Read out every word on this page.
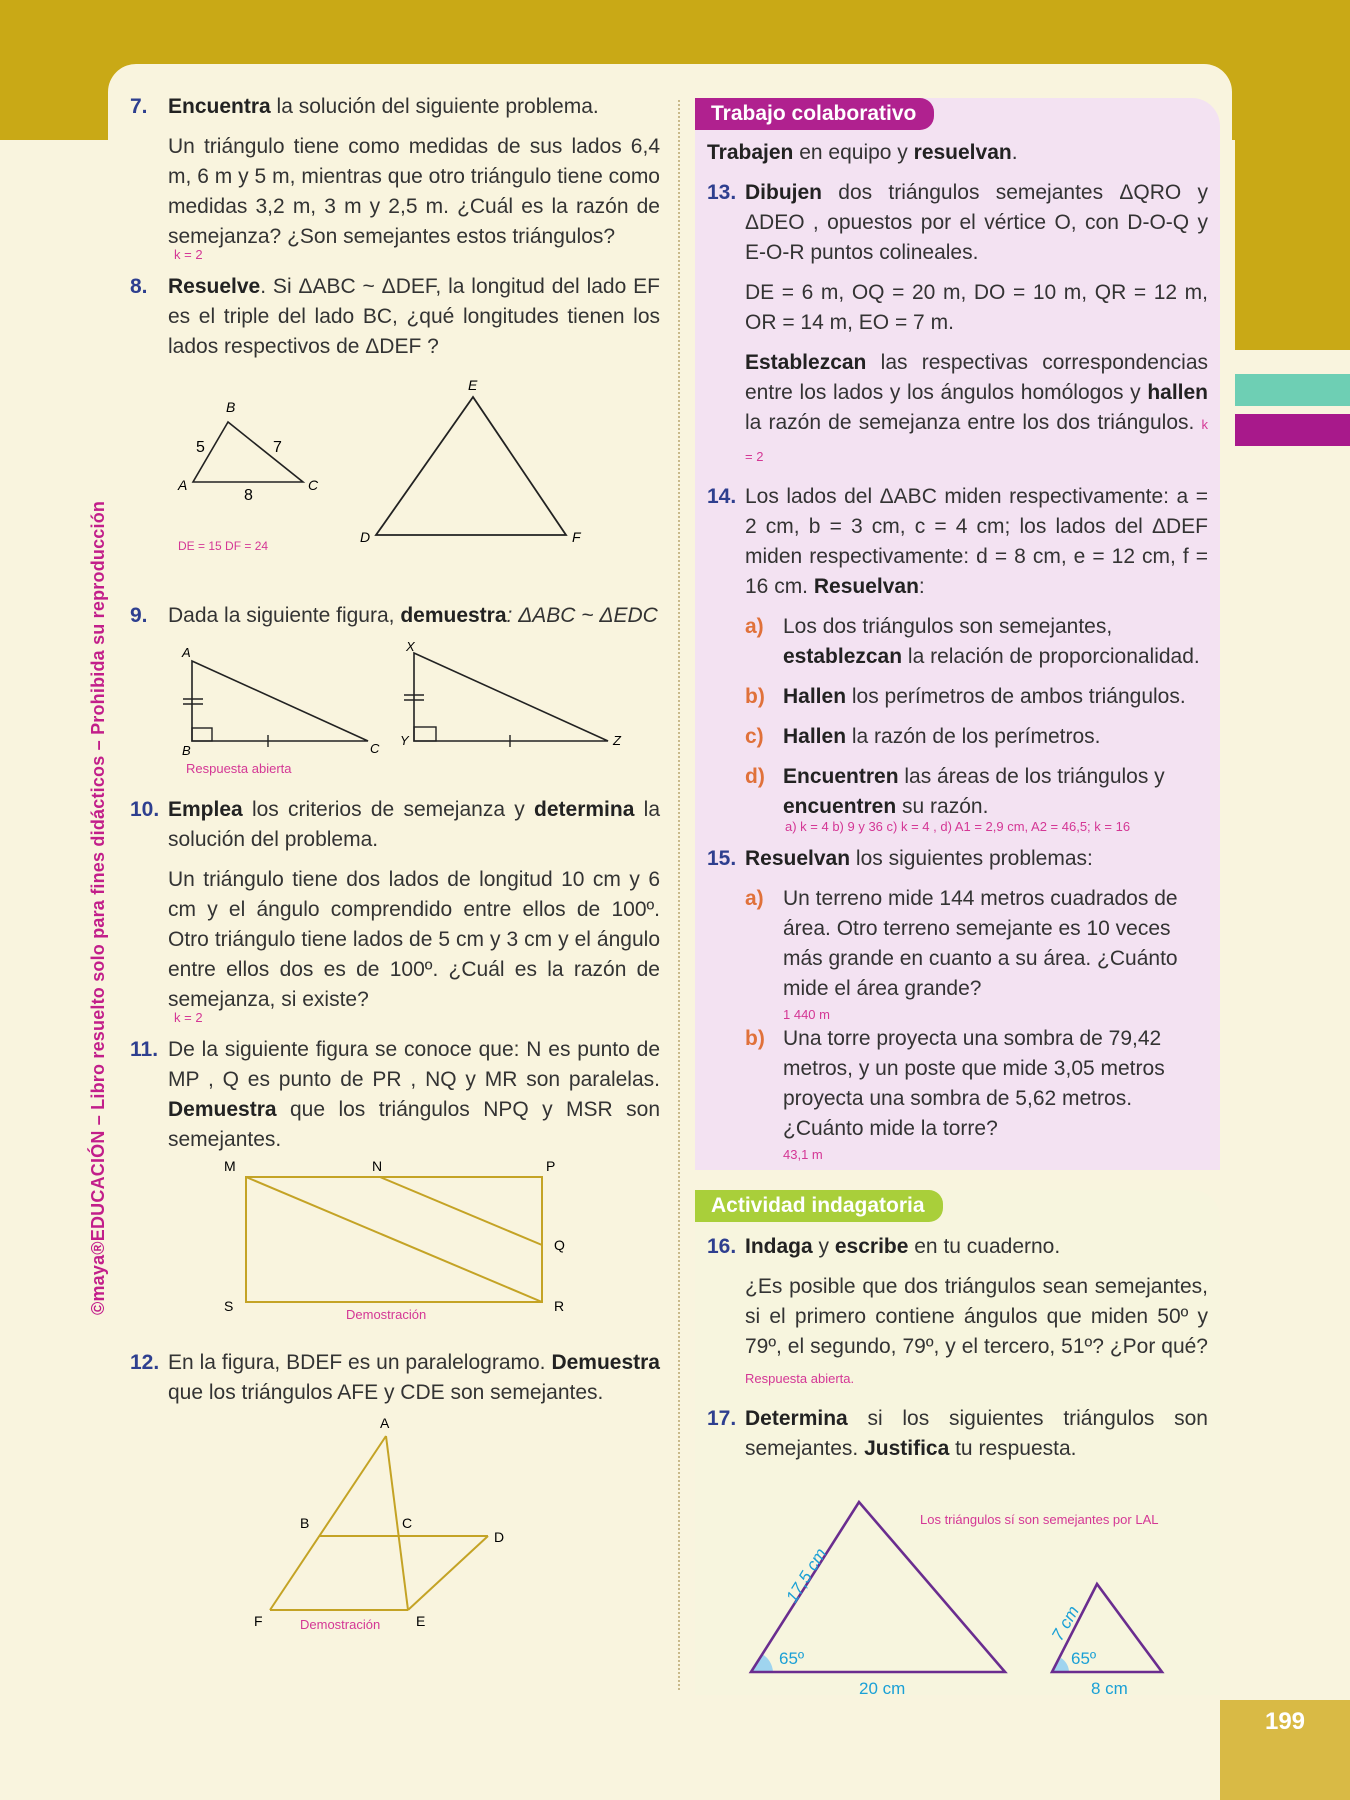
©maya®EDUCACIÓN – Libro resuelto solo para fines didácticos – Prohibida su reproducción
7. Encuentra la solución del siguiente problema.

Un triángulo tiene como medidas de sus lados 6,4 m, 6 m y 5 m, mientras que otro triángulo tiene como medidas 3,2 m, 3 m y 2,5 m. ¿Cuál es la razón de semejanza? ¿Son semejantes estos triángulos?

k = 2
8. Resuelve. Si ΔABC ~ ΔDEF, la longitud del lado EF es el triple del lado BC, ¿qué longitudes tienen los lados respectivos de ΔDEF ?

B
A	C
5	7
8
E
D	F
DE = 15 DF = 24
9. Dada la siguiente figura, demuestra: ΔABC ~ ΔEDC

A
B	C
X
Y	Z
Respuesta abierta
10. Emplea los criterios de semejanza y determina la solución del problema.

Un triángulo tiene dos lados de longitud 10 cm y 6 cm y el ángulo comprendido entre ellos de 100º. Otro triángulo tiene lados de 5 cm y 3 cm y el ángulo entre ellos dos es de 100º. ¿Cuál es la razón de semejanza, si existe?

k = 2
11. De la siguiente figura se conoce que: N es punto de MP , Q es punto de PR , NQ y MR son paralelas. Demuestra que los triángulos NPQ y MSR son semejantes.

M	N	P
Q
S	R
Demostración
12. En la figura, BDEF es un paralelogramo. Demuestra que los triángulos AFE y CDE son semejantes.

A
B	C
D
F	E
Demostración
Trabajo colaborativo
Trabajen en equipo y resuelvan.
13. Dibujen dos triángulos semejantes ΔQRO y ΔDEO , opuestos por el vértice O, con D-O-Q y E-O-R puntos colineales.

DE = 6 m, OQ = 20 m, DO = 10 m, QR = 12 m, OR = 14 m, EO = 7 m.

Establezcan las respectivas correspondencias entre los lados y los ángulos homólogos y hallen la razón de semejanza entre los dos triángulos. k = 2

14. Los lados del ΔABC miden respectivamente: a = 2 cm, b = 3 cm, c = 4 cm; los lados del ΔDEF miden respectivamente: d = 8 cm, e = 12 cm, f = 16 cm. Resuelvan:

a) Los dos triángulos son semejantes, establezcan la relación de proporcionalidad.
b) Hallen los perímetros de ambos triángulos.
c) Hallen la razón de los perímetros.
d) Encuentren las áreas de los triángulos y encuentren su razón.
a) k = 4 b) 9 y 36 c) k = 4 , d) A1 = 2,9 cm, A2 = 46,5; k = 16
15. Resuelvan los siguientes problemas:

a) Un terreno mide 144 metros cuadrados de área. Otro terreno semejante es 10 veces más grande en cuanto a su área. ¿Cuánto mide el área grande?
1 440 m
b) Una torre proyecta una sombra de 79,42 metros, y un poste que mide 3,05 metros proyecta una sombra de 5,62 metros. ¿Cuánto mide la torre?
43,1 m
Actividad indagatoria
16. Indaga y escribe en tu cuaderno.

¿Es posible que dos triángulos sean semejantes, si el primero contiene ángulos que miden 50º y 79º, el segundo, 79º, y el tercero, 51º? ¿Por qué? Respuesta abierta.

17. Determina si los siguientes triángulos son semejantes. Justifica tu respuesta.

17,5 cm
65º
20 cm
7 cm
65º
8 cm
Los triángulos sí son semejantes por LAL
199
